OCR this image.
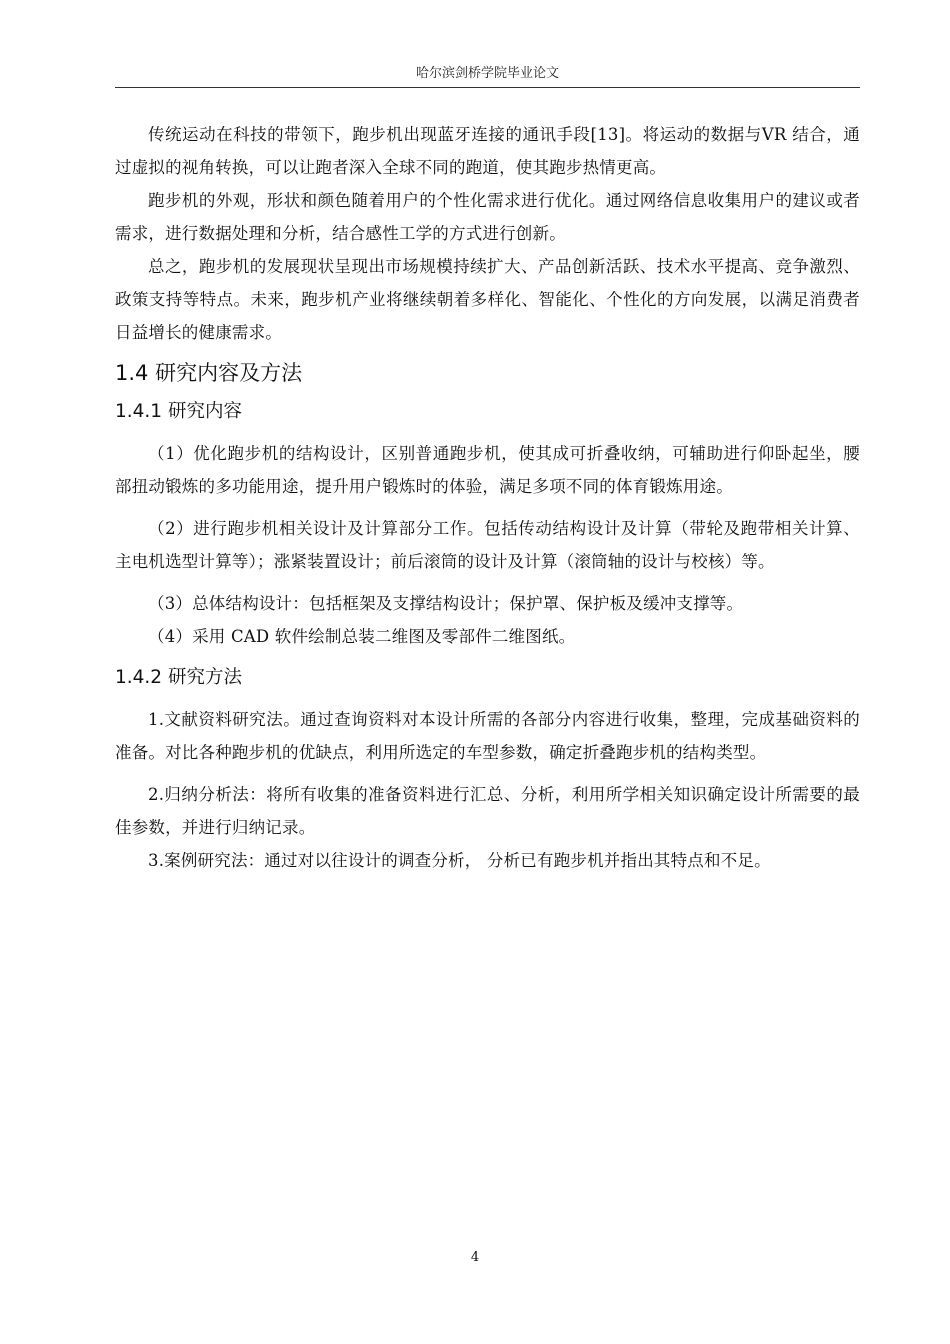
哈尔滨剑桥学院毕业论文

传统运动在科技的带领下，跑步机出现蓝牙连接的通讯手段[13]。将运动的数据与VR 结合，通过虚拟的视角转换，可以让跑者深入全球不同的跑道，使其跑步热情更高。

跑步机的外观，形状和颜色随着用户的个性化需求进行优化。通过网络信息收集用户的建议或者需求，进行数据处理和分析，结合感性工学的方式进行创新。

总之，跑步机的发展现状呈现出市场规模持续扩大、产品创新活跃、技术水平提高、竞争激烈、政策支持等特点。未来，跑步机产业将继续朝着多样化、智能化、个性化的方向发展，以满足消费者日益增长的健康需求。

1.4 研究内容及方法
1.4.1 研究内容

（1）优化跑步机的结构设计，区别普通跑步机，使其成可折叠收纳，可辅助进行仰卧起坐，腰部扭动锻炼的多功能用途，提升用户锻炼时的体验，满足多项不同的体育锻炼用途。

（2）进行跑步机相关设计及计算部分工作。包括传动结构设计及计算（带轮及跑带相关计算、主电机选型计算等）；涨紧装置设计；前后滚筒的设计及计算（滚筒轴的设计与校核）等。

（3）总体结构设计：包括框架及支撑结构设计；保护罩、保护板及缓冲支撑等。

（4）采用 CAD 软件绘制总装二维图及零部件二维图纸。

1.4.2 研究方法

1.文献资料研究法。通过查询资料对本设计所需的各部分内容进行收集，整理，完成基础资料的准备。对比各种跑步机的优缺点，利用所选定的车型参数，确定折叠跑步机的结构类型。

2.归纳分析法：将所有收集的准备资料进行汇总、分析，利用所学相关知识确定设计所需要的最佳参数，并进行归纳记录。

3.案例研究法：通过对以往设计的调查分析， 分析已有跑步机并指出其特点和不足。

4
